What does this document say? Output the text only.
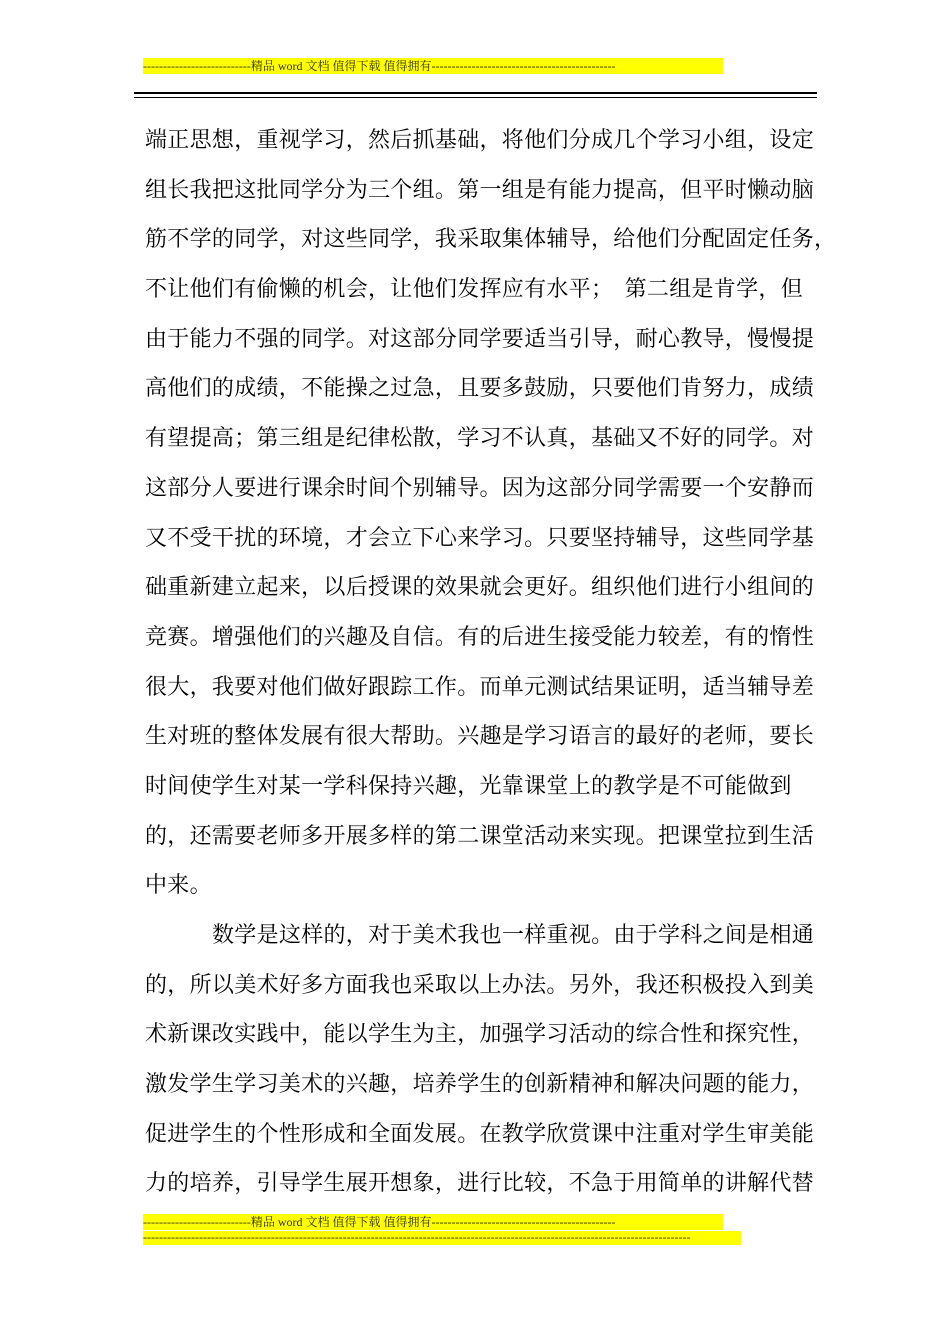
---------------------------精品 word 文档 值得下载 值得拥有----------------------------------------------
端正思想，重视学习，然后抓基础，将他们分成几个学习小组，设定
组长我把这批同学分为三个组。第一组是有能力提高，但平时懒动脑
筋不学的同学，对这些同学，我采取集体辅导，给他们分配固定任务，
不让他们有偷懒的机会，让他们发挥应有水平；　第二组是肯学，但
由于能力不强的同学。对这部分同学要适当引导，耐心教导，慢慢提
高他们的成绩，不能操之过急，且要多鼓励，只要他们肯努力，成绩
有望提高；第三组是纪律松散，学习不认真，基础又不好的同学。对
这部分人要进行课余时间个别辅导。因为这部分同学需要一个安静而
又不受干扰的环境，才会立下心来学习。只要坚持辅导，这些同学基
础重新建立起来，以后授课的效果就会更好。组织他们进行小组间的
竞赛。增强他们的兴趣及自信。有的后进生接受能力较差，有的惰性
很大，我要对他们做好跟踪工作。而单元测试结果证明，适当辅导差
生对班的整体发展有很大帮助。兴趣是学习语言的最好的老师，要长
时间使学生对某一学科保持兴趣，光靠课堂上的教学是不可能做到
的，还需要老师多开展多样的第二课堂活动来实现。把课堂拉到生活
中来。
数学是这样的，对于美术我也一样重视。由于学科之间是相通
的，所以美术好多方面我也采取以上办法。另外，我还积极投入到美
术新课改实践中，能以学生为主，加强学习活动的综合性和探究性，
激发学生学习美术的兴趣，培养学生的创新精神和解决问题的能力，
促进学生的个性形成和全面发展。在教学欣赏课中注重对学生审美能
力的培养，引导学生展开想象，进行比较，不急于用简单的讲解代替
---------------------------精品 word 文档 值得下载 值得拥有----------------------------------------------
-----------------------------------------------------------------------------------------------------------------------------------------
